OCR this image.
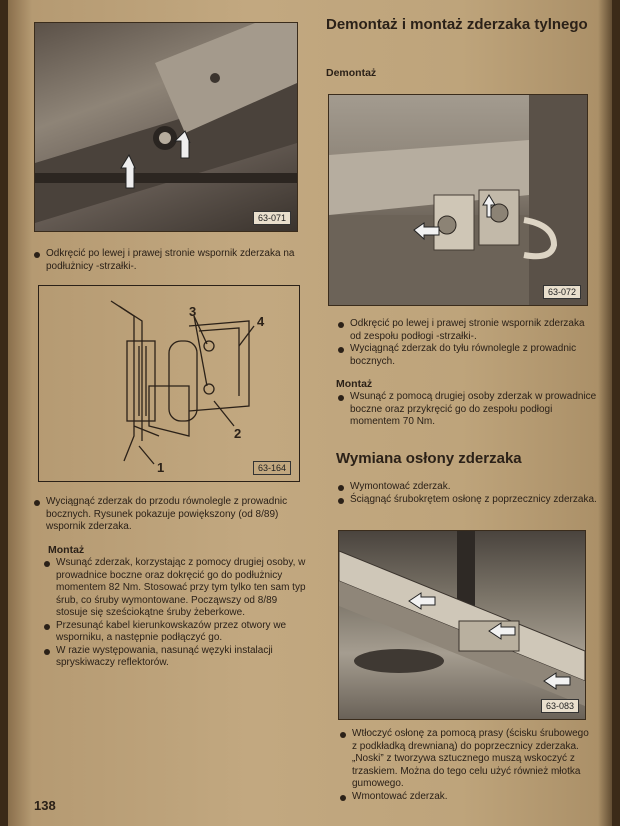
63-071
Odkręcić po lewej i prawej stronie wspornik zderzaka na podłużnicy -strzałki-.
3
4
2
1	63-164
Wyciągnąć zderzak do przodu równolegle z prowadnic bocznych. Rysunek pokazuje powiększony (od 8/89) wspornik zderzaka.
Montaż
Wsunąć zderzak, korzystając z pomocy drugiej osoby, w prowadnice boczne oraz dokręcić go do podłużnicy momentem 82 Nm. Stosować przy tym tylko ten sam typ śrub, co śruby wymontowane. Począwszy od 8/89 stosuje się sześciokątne śruby żeberkowe.
Przesunąć kabel kierunkowskazów przez otwory we wsporniku, a następnie podłączyć go.
W razie występowania, nasunąć węzyki instalacji spryskiwaczy reflektorów.
138
Demontaż i montaż zderzaka tylnego
Demontaż
63-072
Odkręcić po lewej i prawej stronie wspornik zderzaka od zespołu podłogi -strzałki-.
Wyciągnąć zderzak do tyłu równolegle z prowadnic bocznych.
Montaż
Wsunąć z pomocą drugiej osoby zderzak w prowadnice boczne oraz przykręcić go do zespołu podłogi momentem 70 Nm.
Wymiana osłony zderzaka
Wymontować zderzak.
Ściągnąć śrubokrętem osłonę z poprzecznicy zderzaka.
63-083
Wtłoczyć osłonę za pomocą prasy (ścisku śrubowego z podkładką drewnianą) do poprzecznicy zderzaka. „Noski” z tworzywa sztucznego muszą wskoczyć z trzaskiem. Można do tego celu użyć również młotka gumowego.
Wmontować zderzak.
